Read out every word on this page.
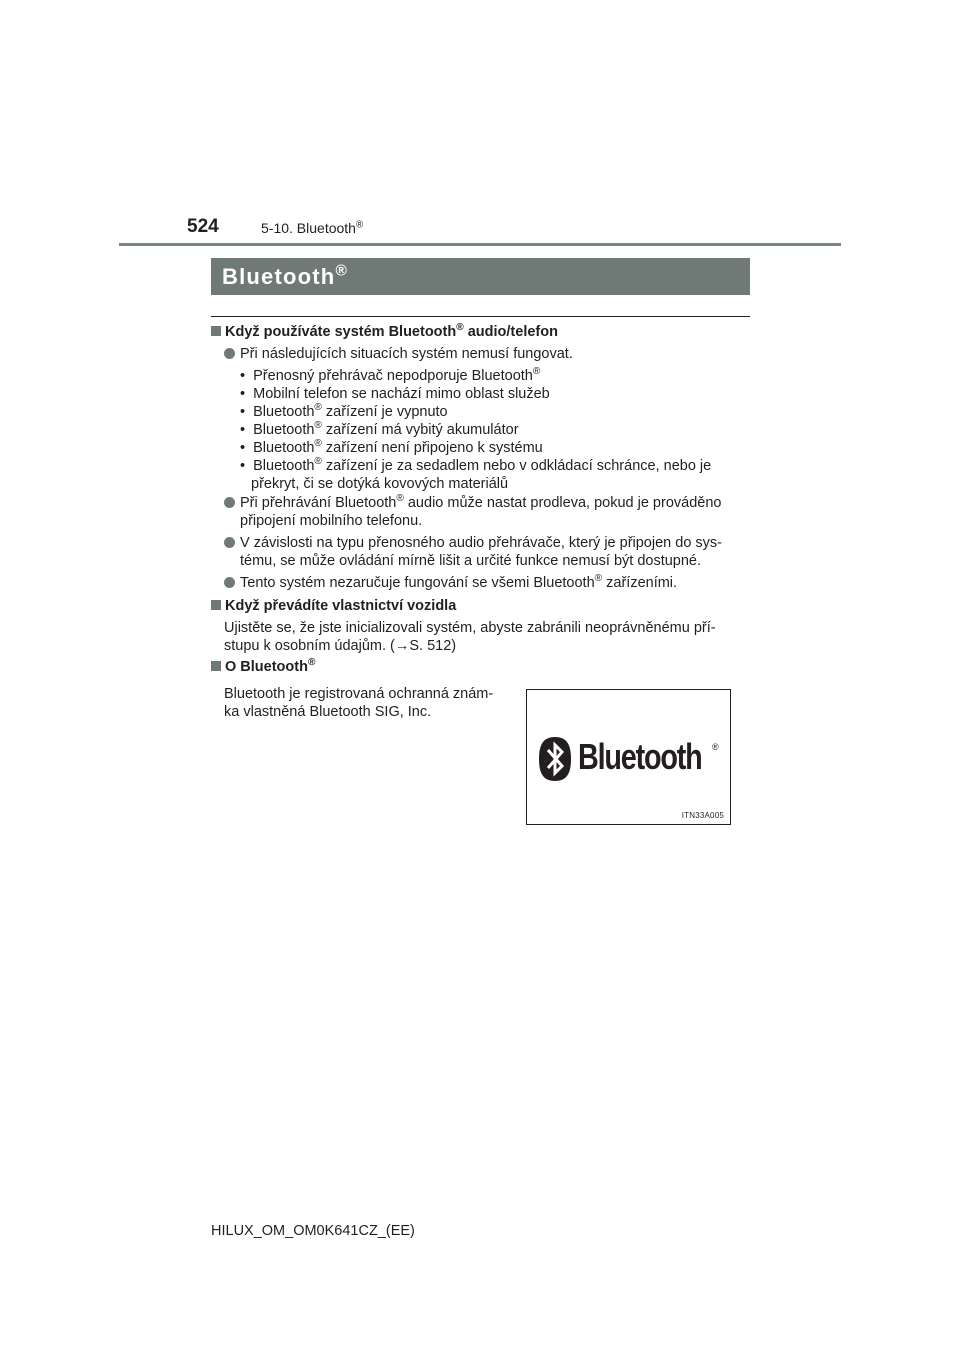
524	5-10. Bluetooth®
Bluetooth®
Když používáte systém Bluetooth® audio/telefon
Při následujících situacích systém nemusí fungovat.
•  Přenosný přehrávač nepodporuje Bluetooth®
•  Mobilní telefon se nachází mimo oblast služeb
•  Bluetooth® zařízení je vypnuto
•  Bluetooth® zařízení má vybitý akumulátor
•  Bluetooth® zařízení není připojeno k systému
•  Bluetooth® zařízení je za sedadlem nebo v odkládací schránce, nebo je
překryt, či se dotýká kovových materiálů
Při přehrávání Bluetooth® audio může nastat prodleva, pokud je prováděno
připojení mobilního telefonu.
V závislosti na typu přenosného audio přehrávače, který je připojen do sys-
tému, se může ovládání mírně lišit a určité funkce nemusí být dostupné.
Tento systém nezaručuje fungování se všemi Bluetooth® zařízeními.
Když převádíte vlastnictví vozidla
Ujistěte se, že jste inicializovali systém, abyste zabránili neoprávněnému pří-
stupu k osobním údajům. (→S. 512)
O Bluetooth®
Bluetooth je registrovaná ochranná znám-
ka vlastněná Bluetooth SIG, Inc.
Bluetooth ®
ITN33A005
HILUX_OM_OM0K641CZ_(EE)
